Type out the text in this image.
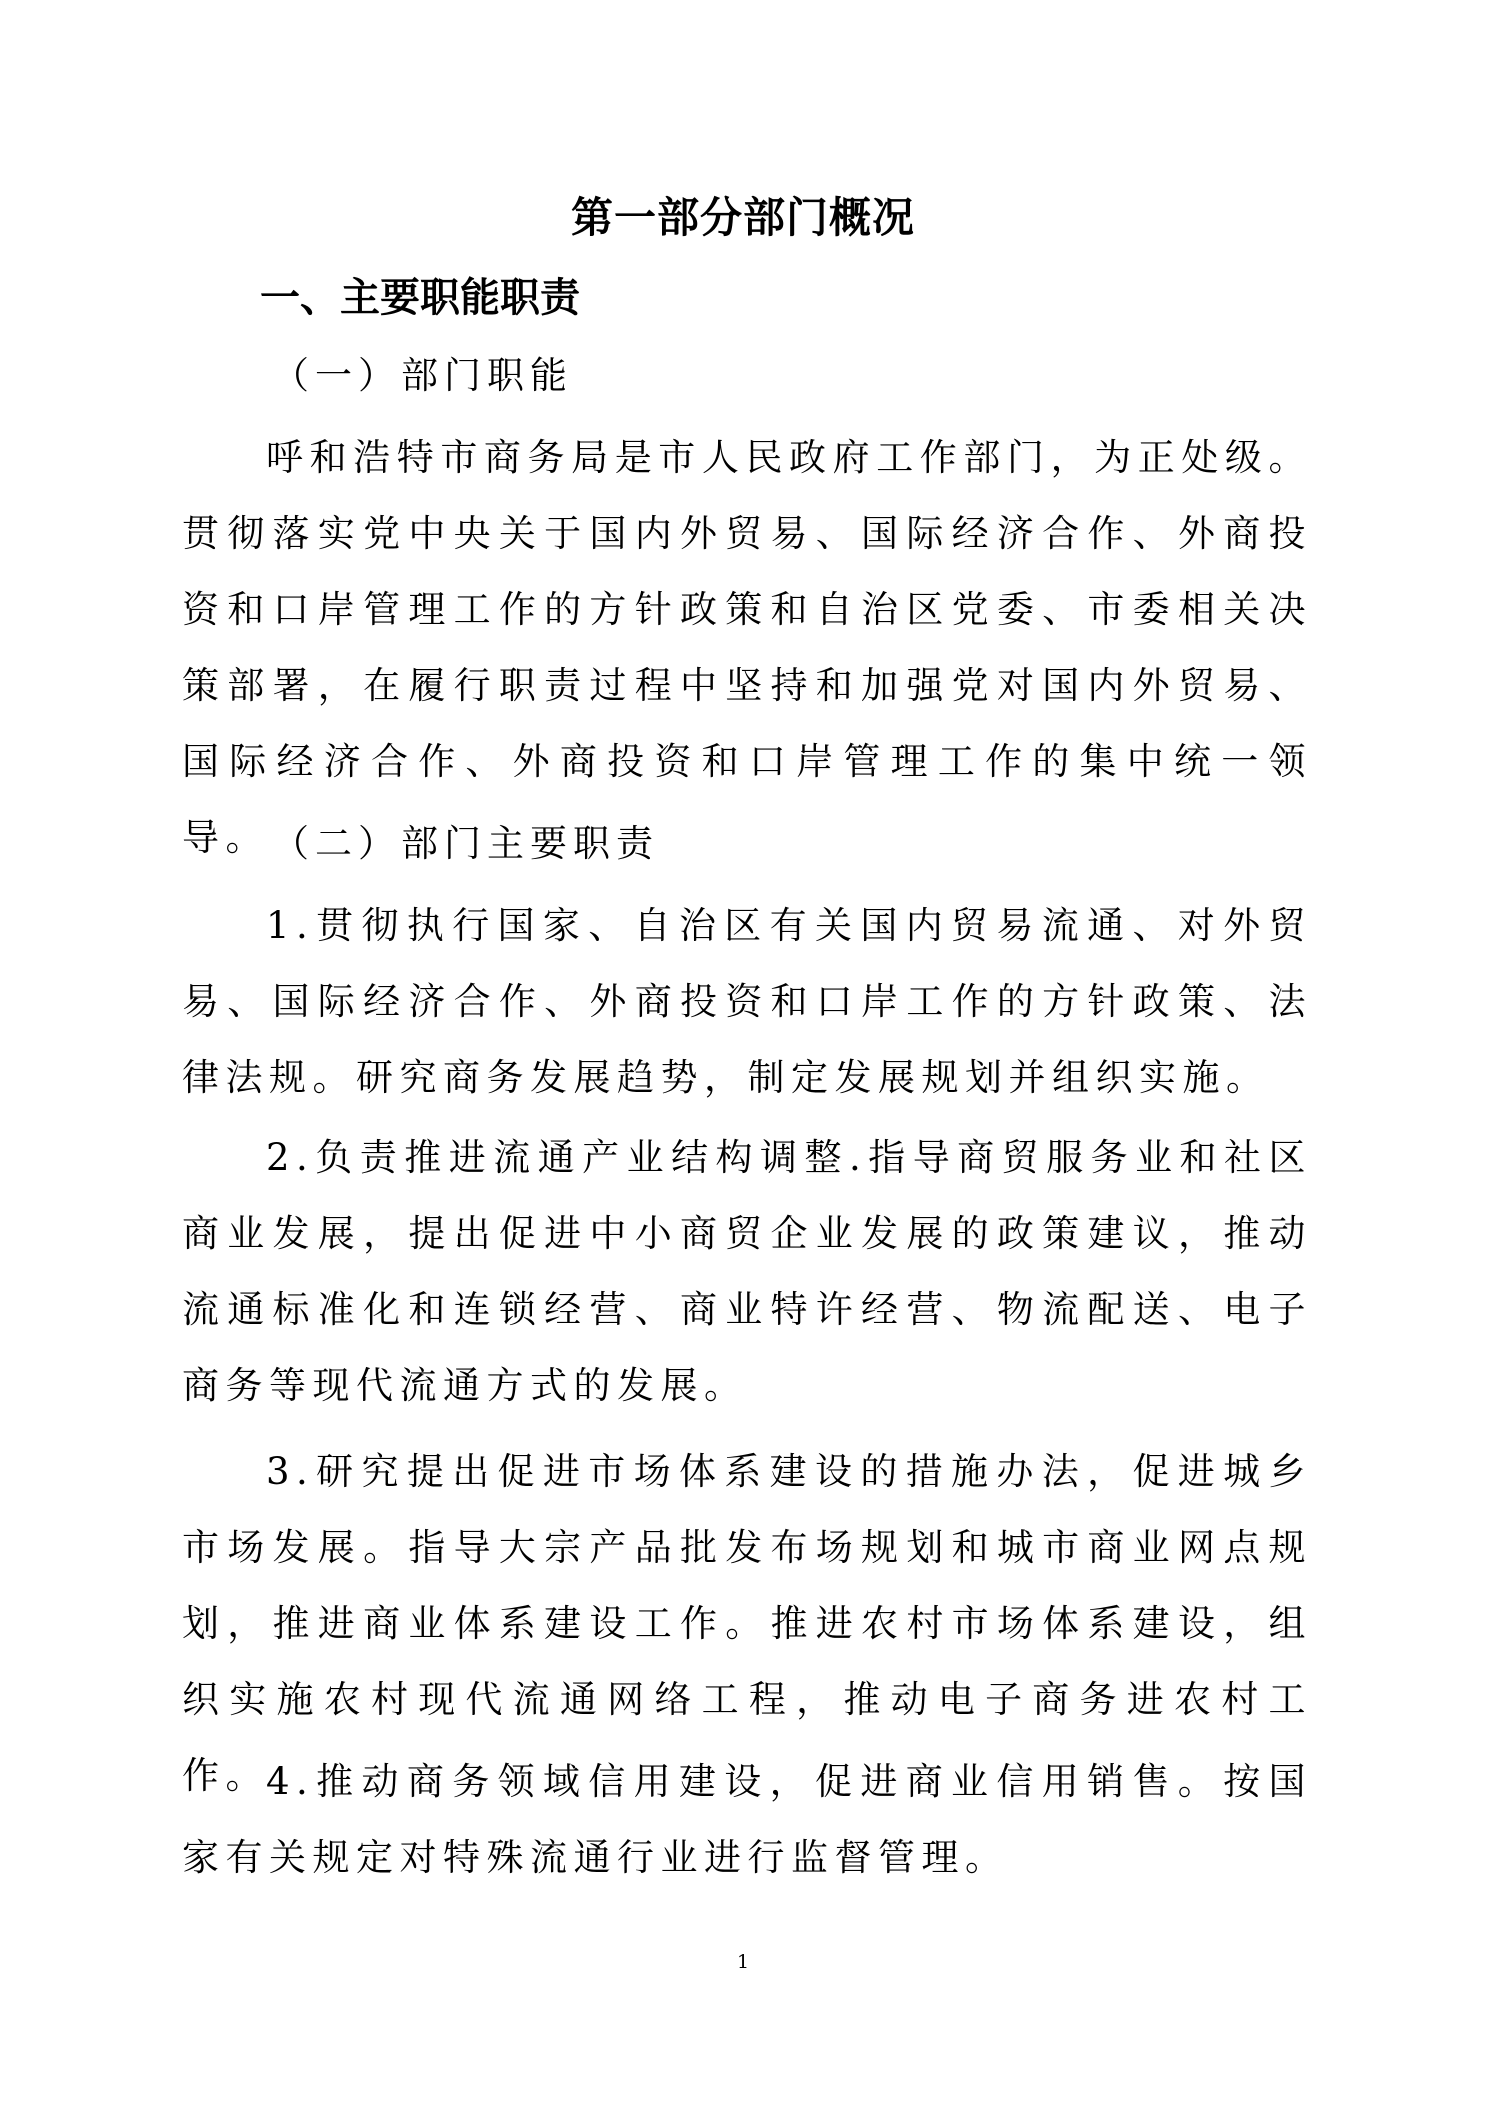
第一部分部门概况
一、主要职能职责

（一）部门职能

呼和浩特市商务局是市人民政府工作部门，为正处级。贯彻落实党中央关于国内外贸易、国际经济合作、外商投资和口岸管理工作的方针政策和自治区党委、市委相关决策部署，在履行职责过程中坚持和加强党对国内外贸易、国际经济合作、外商投资和口岸管理工作的集中统一领导。 （二）部门主要职责

1.贯彻执行国家、自治区有关国内贸易流通、对外贸易、国际经济合作、外商投资和口岸工作的方针政策、法律法规。研究商务发展趋势，制定发展规划并组织实施。

2.负责推进流通产业结构调整.指导商贸服务业和社区商业发展，提出促进中小商贸企业发展的政策建议，推动流通标准化和连锁经营、商业特许经营、物流配送、电子商务等现代流通方式的发展。

3.研究提出促进市场体系建设的措施办法，促进城乡市场发展。指导大宗产品批发布场规划和城市商业网点规划，推进商业体系建设工作。推进农村市场体系建设，组织实施农村现代流通网络工程，推动电子商务进农村工作。

4.推动商务领域信用建设，促进商业信用销售。按国家有关规定对特殊流通行业进行监督管理。

1
